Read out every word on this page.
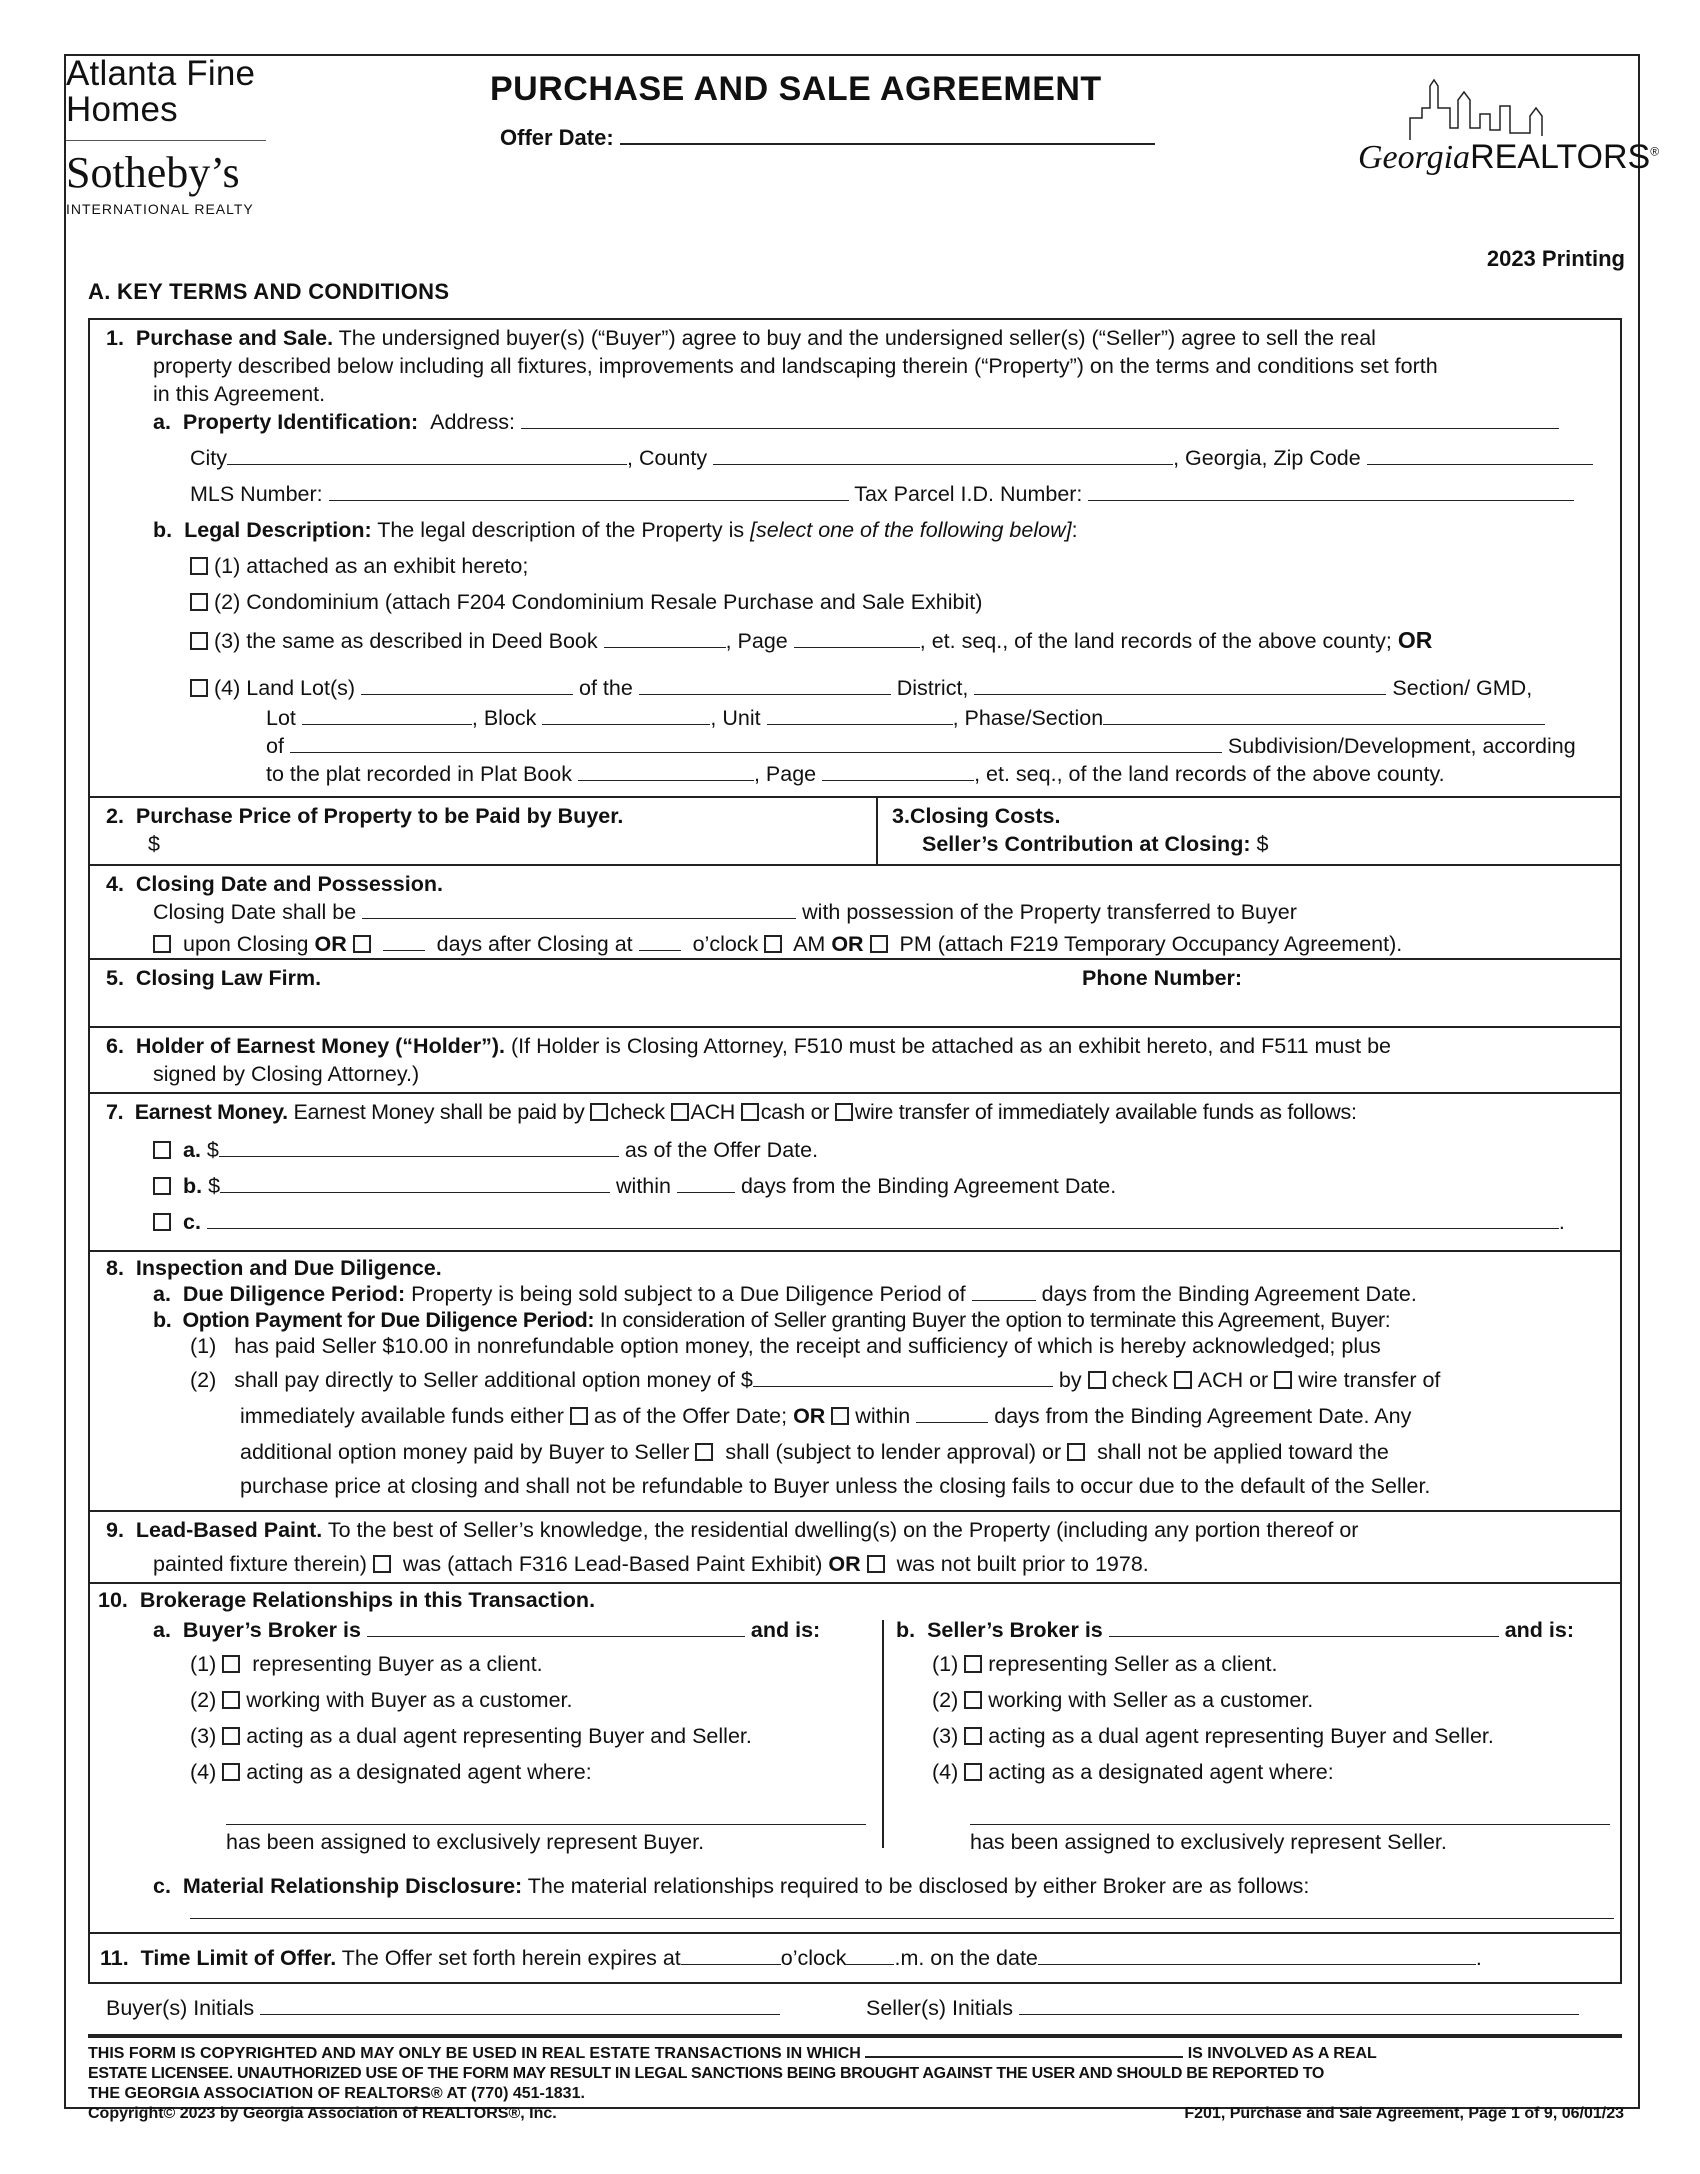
Atlanta Fine
Homes
Sotheby’s
INTERNATIONAL REALTY
PURCHASE AND SALE AGREEMENT
Offer Date:
GeorgiaREALTORS®
2023 Printing
A. KEY TERMS AND CONDITIONS
1. Purchase and Sale. The undersigned buyer(s) (“Buyer”) agree to buy and the undersigned seller(s) (“Seller”) agree to sell the real
property described below including all fixtures, improvements and landscaping therein (“Property”) on the terms and conditions set forth
in this Agreement.
a. Property Identification: Address:
City	, County	, Georgia, Zip Code
MLS Number:	Tax Parcel I.D. Number:
b. Legal Description: The legal description of the Property is [select one of the following below]:
(1) attached as an exhibit hereto;
(2) Condominium (attach F204 Condominium Resale Purchase and Sale Exhibit)
(3) the same as described in Deed Book	, Page	, et. seq., of the land records of the above county; OR
(4) Land Lot(s)	of the	District,	Section/ GMD,
Lot	, Block	, Unit	, Phase/Section
of	Subdivision/Development, according
to the plat recorded in Plat Book	, Page	, et. seq., of the land records of the above county.
2. Purchase Price of Property to be Paid by Buyer.
$
3.Closing Costs.
Seller’s Contribution at Closing: $
4. Closing Date and Possession.
Closing Date shall be	with possession of the Property transferred to Buyer
upon Closing OR	days after Closing at	o’clock AM OR PM (attach F219 Temporary Occupancy Agreement).
5. Closing Law Firm.	Phone Number:
6. Holder of Earnest Money (“Holder”). (If Holder is Closing Attorney, F510 must be attached as an exhibit hereto, and F511 must be
signed by Closing Attorney.)
7. Earnest Money. Earnest Money shall be paid by check ACH cash or wire transfer of immediately available funds as follows:
a. $	as of the Offer Date.
b. $	within	days from the Binding Agreement Date.
c.	.
8. Inspection and Due Diligence.
a. Due Diligence Period: Property is being sold subject to a Due Diligence Period of	days from the Binding Agreement Date.
b. Option Payment for Due Diligence Period: In consideration of Seller granting Buyer the option to terminate this Agreement, Buyer:
(1) has paid Seller $10.00 in nonrefundable option money, the receipt and sufficiency of which is hereby acknowledged; plus
(2) shall pay directly to Seller additional option money of $	by check ACH or wire transfer of
immediately available funds either as of the Offer Date; OR within	days from the Binding Agreement Date. Any
additional option money paid by Buyer to Seller shall (subject to lender approval) or shall not be applied toward the
purchase price at closing and shall not be refundable to Buyer unless the closing fails to occur due to the default of the Seller.
9. Lead-Based Paint. To the best of Seller’s knowledge, the residential dwelling(s) on the Property (including any portion thereof or
painted fixture therein) was (attach F316 Lead-Based Paint Exhibit) OR was not built prior to 1978.
10. Brokerage Relationships in this Transaction.
a. Buyer’s Broker is	and is:	b. Seller’s Broker is	and is:
(1) representing Buyer as a client.
(2) working with Buyer as a customer.
(3) acting as a dual agent representing Buyer and Seller.
(4) acting as a designated agent where:
has been assigned to exclusively represent Buyer.
(1) representing Seller as a client.
(2) working with Seller as a customer.
(3) acting as a dual agent representing Buyer and Seller.
(4) acting as a designated agent where:
has been assigned to exclusively represent Seller.
c. Material Relationship Disclosure: The material relationships required to be disclosed by either Broker are as follows:
11. Time Limit of Offer. The Offer set forth herein expires at	o’clock .m. on the date	.
Buyer(s) Initials	Seller(s) Initials
THIS FORM IS COPYRIGHTED AND MAY ONLY BE USED IN REAL ESTATE TRANSACTIONS IN WHICH	IS INVOLVED AS A REAL
ESTATE LICENSEE. UNAUTHORIZED USE OF THE FORM MAY RESULT IN LEGAL SANCTIONS BEING BROUGHT AGAINST THE USER AND SHOULD BE REPORTED TO
THE GEORGIA ASSOCIATION OF REALTORS® AT (770) 451-1831.
Copyright© 2023 by Georgia Association of REALTORS®, Inc.	F201, Purchase and Sale Agreement, Page 1 of 9, 06/01/23
